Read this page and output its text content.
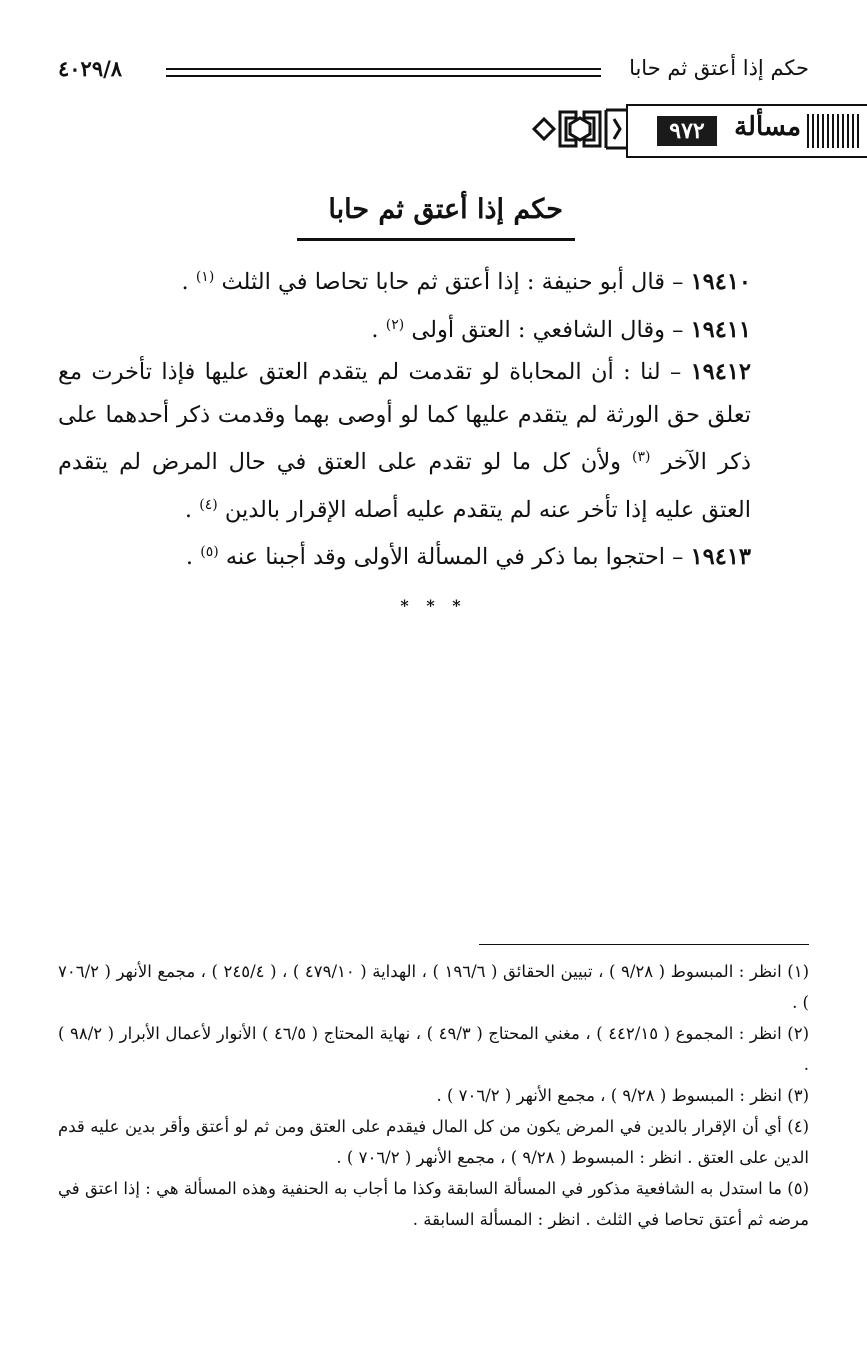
حكم إذا أعتق ثم حابا
٤٠٢٩/٨
مسألة
٩٧٢
حكم إذا أعتق ثم حابا

١٩٤١٠ – قال أبو حنيفة : إذا أعتق ثم حابا تحاصا في الثلث $^{(١)}$ .

١٩٤١١ – وقال الشافعي : العتق أولى $^{(٢)}$ .

١٩٤١٢ – لنا : أن المحاباة لو تقدمت لم يتقدم العتق عليها فإذا تأخرت مع تعلق حق الورثة لم يتقدم عليها كما لو أوصى بهما وقدمت ذكر أحدهما على ذكر الآخر $^{(٣)}$ ولأن كل ما لو تقدم على العتق في حال المرض لم يتقدم العتق عليه إذا تأخر عنه لم يتقدم عليه أصله الإقرار بالدين $^{(٤)}$ .

١٩٤١٣ – احتجوا بما ذكر في المسألة الأولى وقد أجبنا عنه $^{(٥)}$ .

* * *

(١) انظر : المبسوط ( ٩/٢٨ ) ، تبيين الحقائق ( ١٩٦/٦ ) ، الهداية ( ٤٧٩/١٠ ) ، ( ٢٤٥/٤ ) ، مجمع الأنهر ( ٧٠٦/٢ ) .

(٢) انظر : المجموع ( ٤٤٢/١٥ ) ، مغني المحتاج ( ٤٩/٣ ) ، نهاية المحتاج ( ٤٦/٥ ) الأنوار لأعمال الأبرار ( ٩٨/٢ ) .

(٣) انظر : المبسوط ( ٩/٢٨ ) ، مجمع الأنهر ( ٧٠٦/٢ ) .

(٤) أي أن الإقرار بالدين في المرض يكون من كل المال فيقدم على العتق ومن ثم لو أعتق وأقر بدين عليه قدم الدين على العتق . انظر : المبسوط ( ٩/٢٨ ) ، مجمع الأنهر ( ٧٠٦/٢ ) .

(٥) ما استدل به الشافعية مذكور في المسألة السابقة وكذا ما أجاب به الحنفية وهذه المسألة هي : إذا اعتق في مرضه ثم أعتق تحاصا في الثلث . انظر : المسألة السابقة .
